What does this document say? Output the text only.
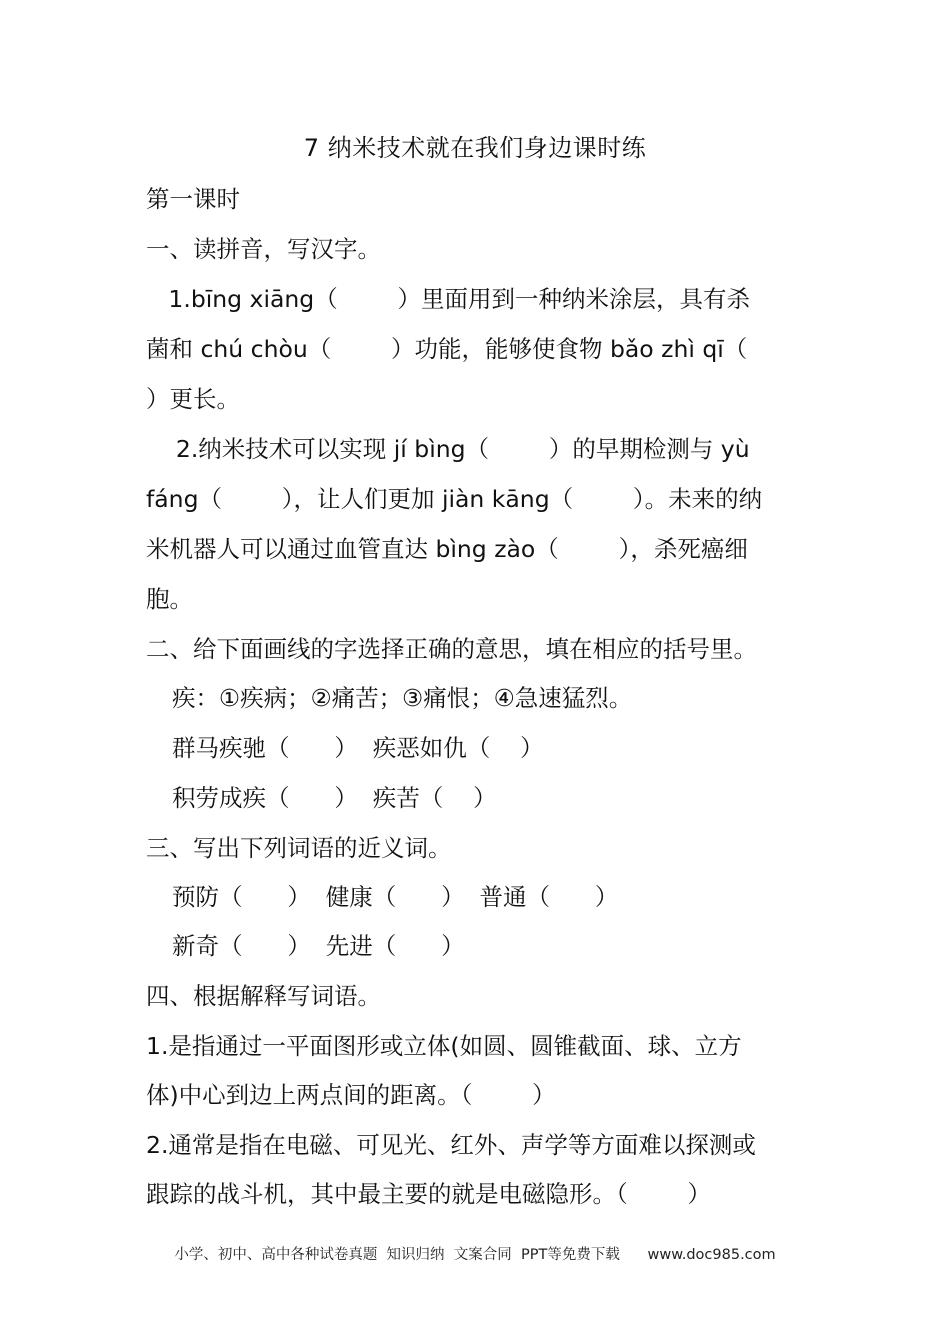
7 纳米技术就在我们身边课时练
第一课时
一、读拼音，写汉字。
1.bīng xiāng（        ）里面用到一种纳米涂层，具有杀
菌和 chú chòu（        ）功能，能够使食物 bǎo zhì qī（
）更长。
2.纳米技术可以实现 jí bìng（        ）的早期检测与 yù
fáng（        ），让人们更加 jiàn kāng（        ）。未来的纳
米机器人可以通过血管直达 bìng zào（        ），杀死癌细
胞。
二、给下面画线的字选择正确的意思，填在相应的括号里。
疾：①疾病；②痛苦；③痛恨；④急速猛烈。
群马疾驰（      ）  疾恶如仇（    ）
积劳成疾（      ）  疾苦（    ）
三、写出下列词语的近义词。
预防（      ）  健康（      ）  普通（      ）
新奇（      ）  先进（      ）
四、根据解释写词语。
1.是指通过一平面图形或立体(如圆、圆锥截面、球、立方
体)中心到边上两点间的距离。（        ）
2.通常是指在电磁、可见光、红外、声学等方面难以探测或
跟踪的战斗机，其中最主要的就是电磁隐形。（        ）
小学、初中、高中各种试卷真题  知识归纳  文案合同  PPT等免费下载      www.doc985.com
